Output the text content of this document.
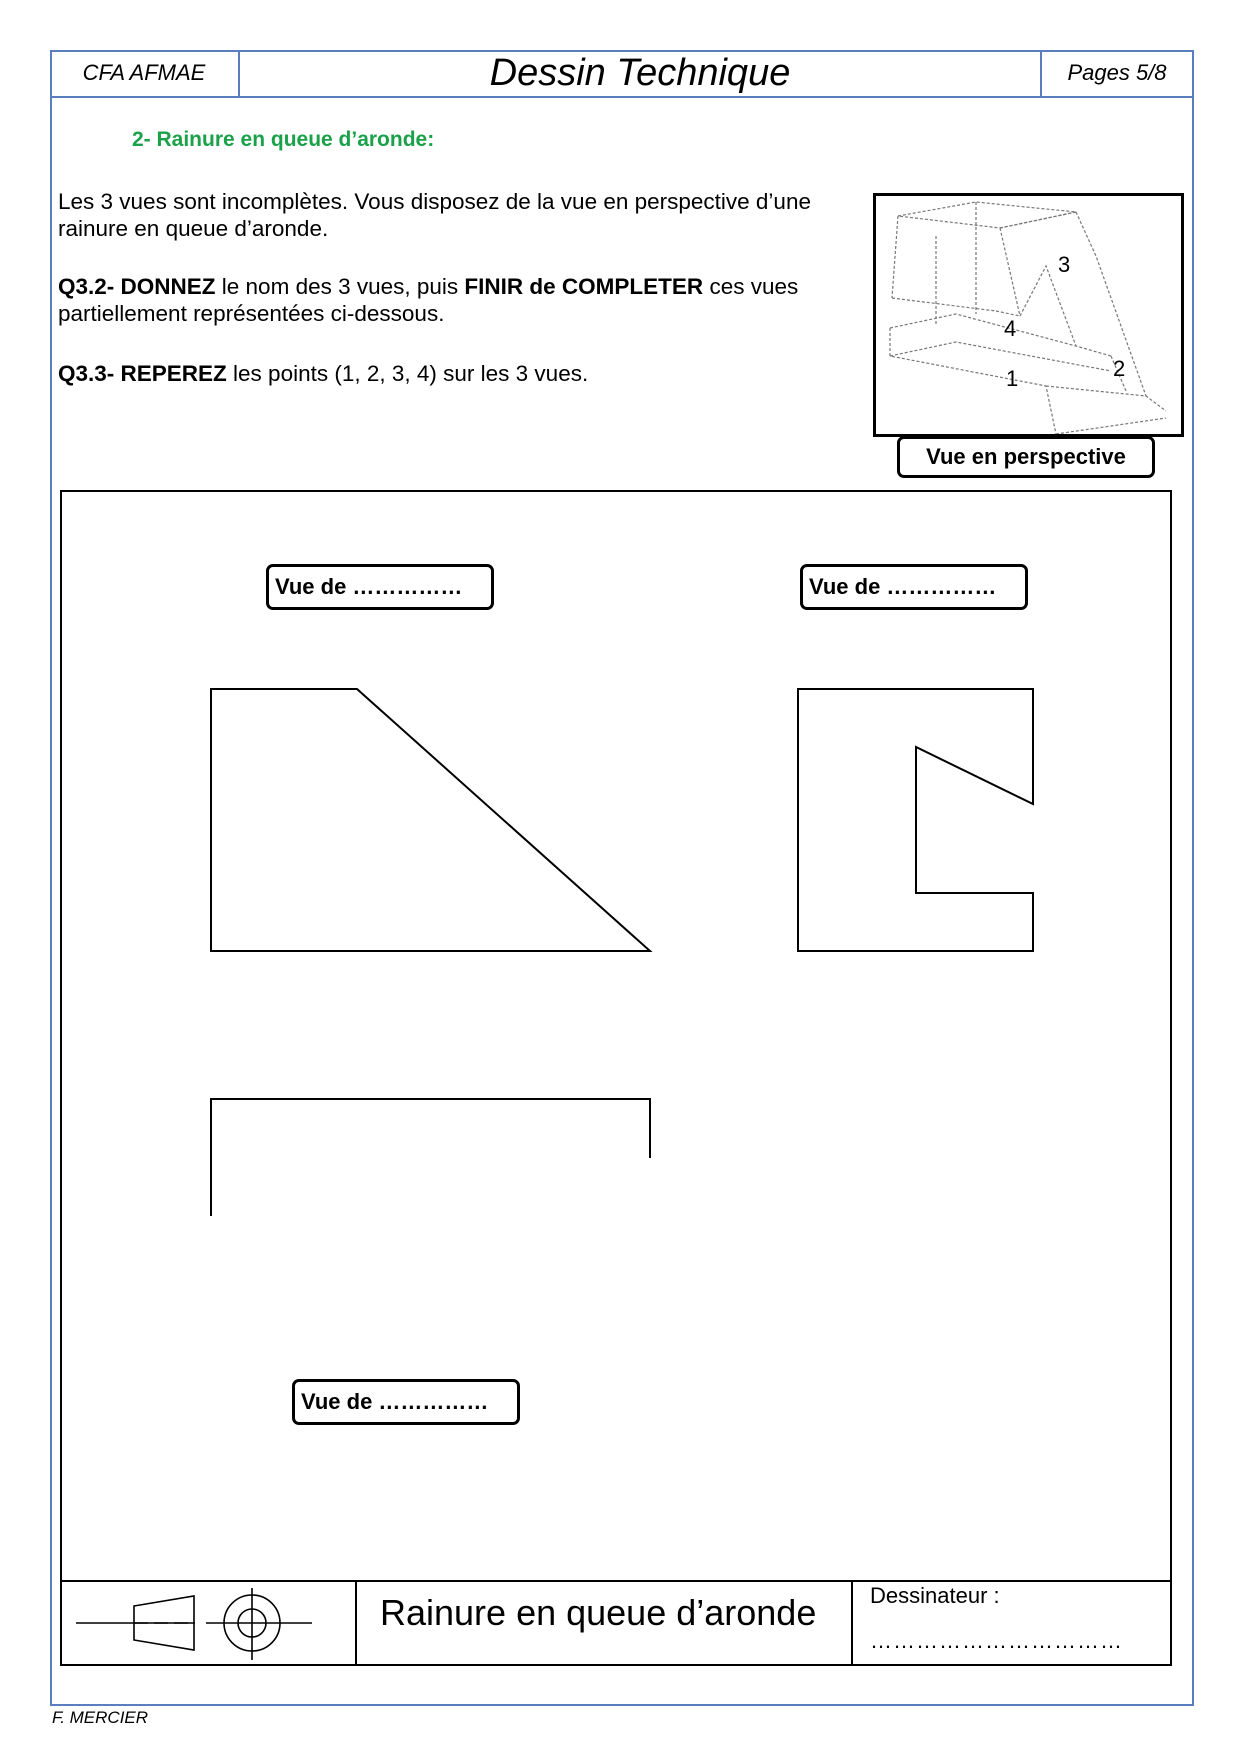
CFA AFMAE	Dessin Technique	Pages 5/8
2- Rainure en queue d’aronde:
Les 3 vues sont incomplètes. Vous disposez de la vue en perspective d’une rainure en queue d’aronde.
Q3.2- DONNEZ le nom des 3 vues, puis FINIR de COMPLETER ces vues partiellement représentées ci-dessous.
Q3.3- REPEREZ les points (1, 2, 3, 4) sur les 3 vues.	1	2
3
4
Vue en perspective
Vue de ……………	Vue de ……………
Vue de ……………
Rainure en queue d’aronde Dessinateur :
……………………………
F. MERCIER
